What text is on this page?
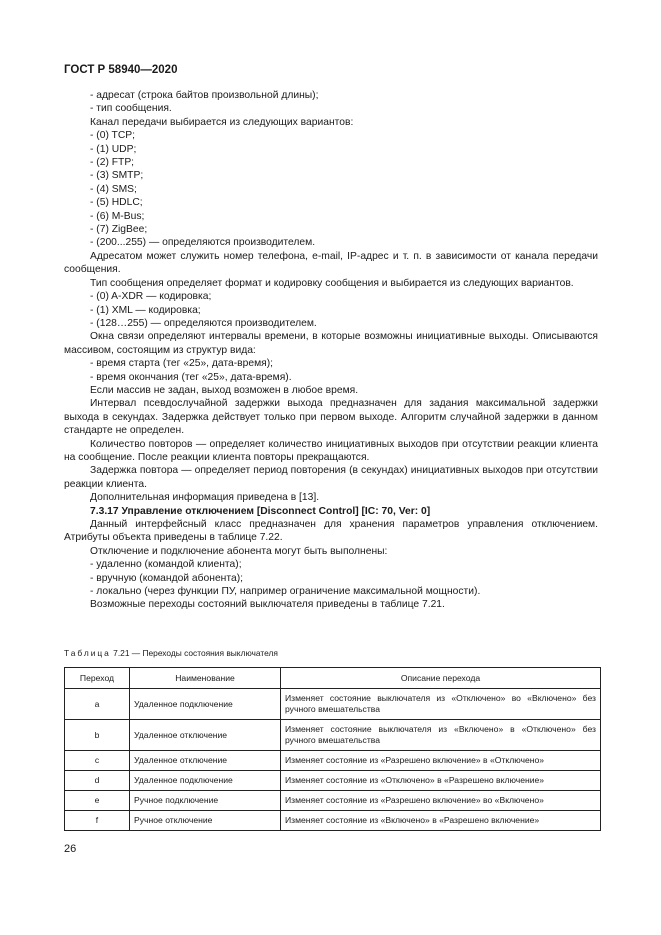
ГОСТ Р 58940—2020

- адресат (строка байтов произвольной длины);

- тип сообщения.

Канал передачи выбирается из следующих вариантов:

- (0) TCP;

- (1) UDP;

- (2) FTP;

- (3) SMTP;

- (4) SMS;

- (5) HDLC;

- (6) M-Bus;

- (7) ZigBee;

- (200...255) — определяются производителем.

Адресатом может служить номер телефона, e-mail, IP-адрес и т. п. в зависимости от канала передачи сообщения.

Тип сообщения определяет формат и кодировку сообщения и выбирается из следующих вариантов.

- (0) A-XDR — кодировка;

- (1) XML — кодировка;

- (128…255) — определяются производителем.

Окна связи определяют интервалы времени, в которые возможны инициативные выходы. Описываются массивом, состоящим из структур вида:

- время старта (тег «25», дата-время);

- время окончания (тег «25», дата-время).

Если массив не задан, выход возможен в любое время.

Интервал псевдослучайной задержки выхода предназначен для задания максимальной задержки выхода в секундах. Задержка действует только при первом выходе. Алгоритм случайной задержки в данном стандарте не определен.

Количество повторов — определяет количество инициативных выходов при отсутствии реакции клиента на сообщение. После реакции клиента повторы прекращаются.

Задержка повтора — определяет период повторения (в секундах) инициативных выходов при отсутствии реакции клиента.

Дополнительная информация приведена в [13].

7.3.17 Управление отключением [Disconnect Control] [IC: 70, Ver: 0]

Данный интерфейсный класс предназначен для хранения параметров управления отключением. Атрибуты объекта приведены в таблице 7.22.

Отключение и подключение абонента могут быть выполнены:

- удаленно (командой клиента);

- вручную (командой абонента);

- локально (через функции ПУ, например ограничение максимальной мощности).

Возможные переходы состояний выключателя приведены в таблице 7.21.

Таблица 7.21 — Переходы состояния выключателя

Переход	Наименование	Описание перехода
a	Удаленное подключение	Изменяет состояние выключателя из «Отключено» во «Включено» без ручного вмешательства
b	Удаленное отключение	Изменяет состояние выключателя из «Включено» в «Отключено» без ручного вмешательства
c	Удаленное отключение	Изменяет состояние из «Разрешено включение» в «Отключено»
d	Удаленное подключение	Изменяет состояние из «Отключено» в «Разрешено включение»
e	Ручное подключение	Изменяет состояние из «Разрешено включение» во «Включено»
f	Ручное отключение	Изменяет состояние из «Включено» в «Разрешено включение»

26
